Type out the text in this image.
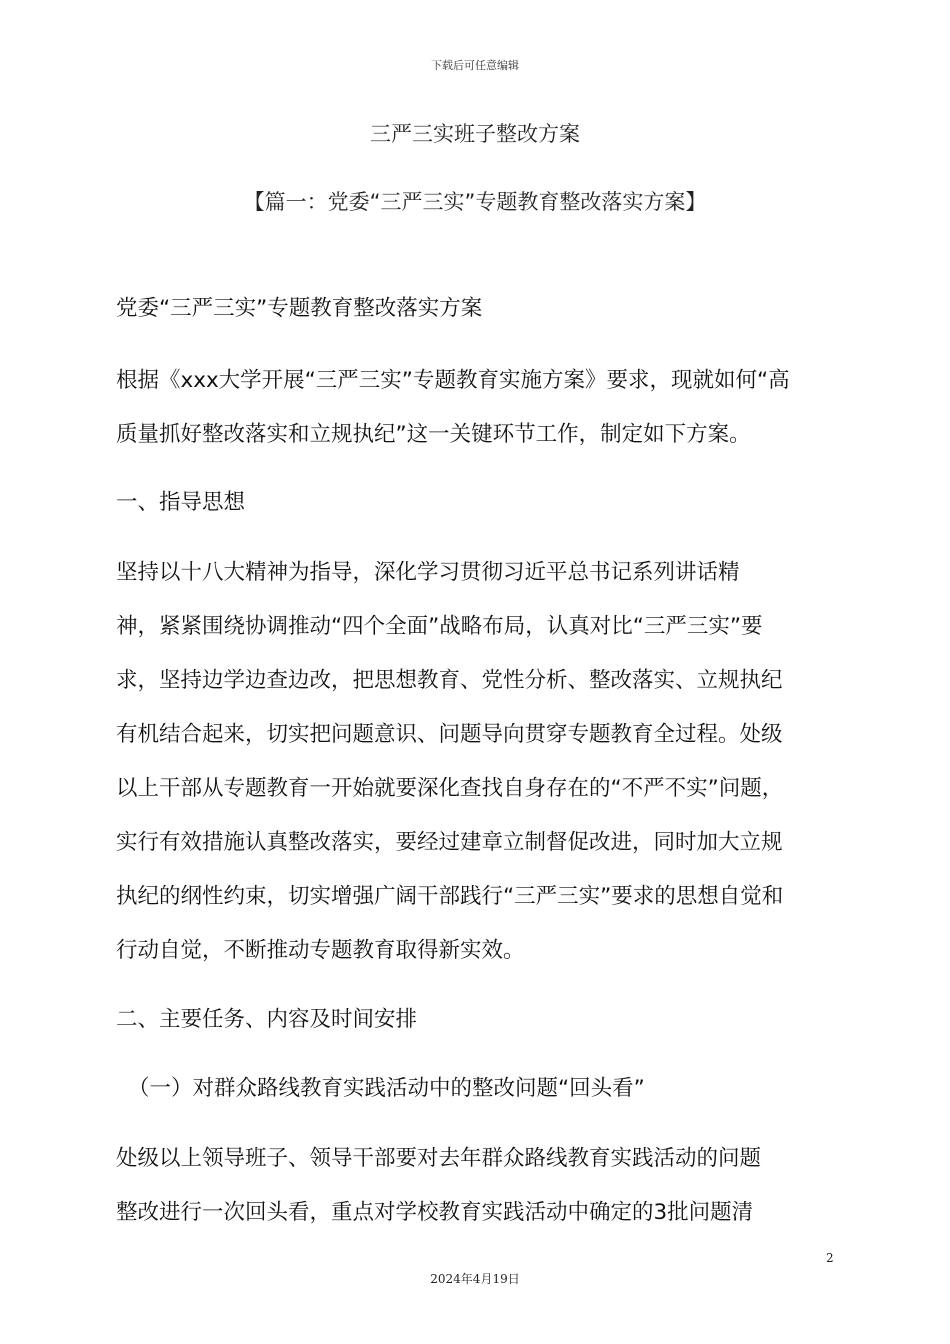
下载后可任意编辑
三严三实班子整改方案
【篇一：党委“三严三实”专题教育整改落实方案】
党委“三严三实”专题教育整改落实方案
根据《xxx大学开展“三严三实”专题教育实施方案》要求，现就如何“高
质量抓好整改落实和立规执纪”这一关键环节工作，制定如下方案。
一、指导思想
坚持以十八大精神为指导，深化学习贯彻习近平总书记系列讲话精
神，紧紧围绕协调推动“四个全面”战略布局，认真对比“三严三实”要
求，坚持边学边查边改，把思想教育、党性分析、整改落实、立规执纪
有机结合起来，切实把问题意识、问题导向贯穿专题教育全过程。处级
以上干部从专题教育一开始就要深化查找自身存在的“不严不实”问题，
实行有效措施认真整改落实，要经过建章立制督促改进，同时加大立规
执纪的纲性约束，切实增强广阔干部践行“三严三实”要求的思想自觉和
行动自觉，不断推动专题教育取得新实效。
二、主要任务、内容及时间安排
（一）对群众路线教育实践活动中的整改问题“回头看”
处级以上领导班子、领导干部要对去年群众路线教育实践活动的问题
整改进行一次回头看，重点对学校教育实践活动中确定的3批问题清
2
2024年4月19日
